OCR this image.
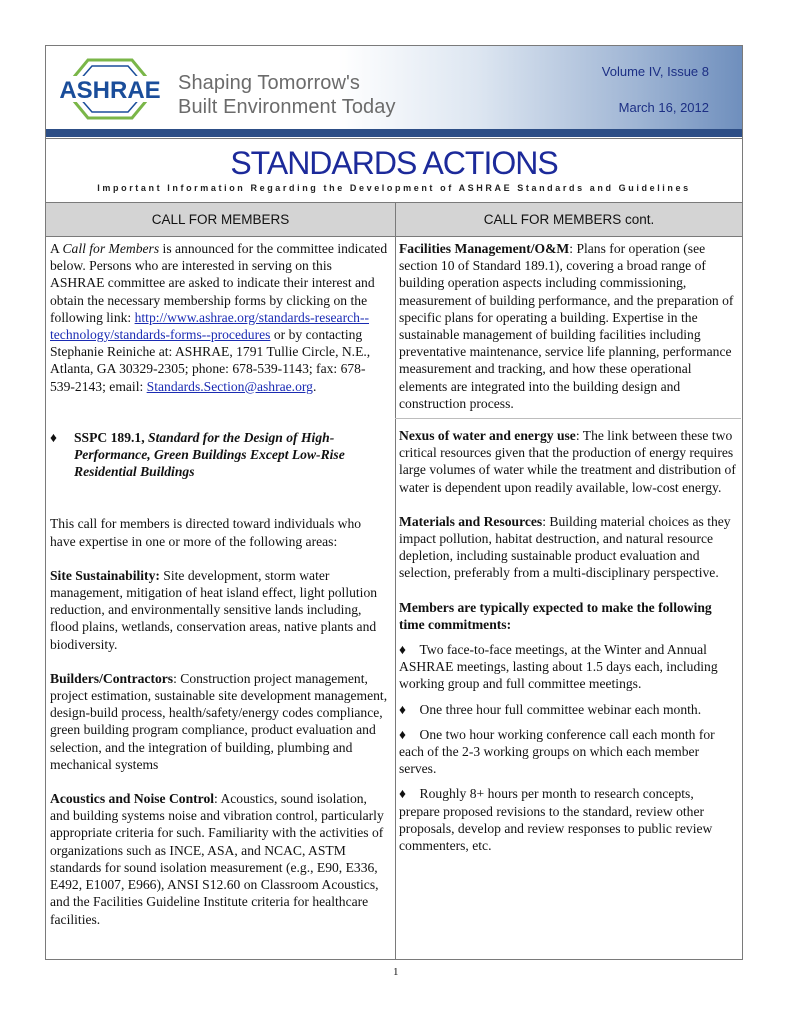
ASHRAE Shaping Tomorrow's
Built Environment Today
Volume IV, Issue 8
March 16, 2012
STANDARDS ACTIONS
Important Information Regarding the Development of ASHRAE Standards and Guidelines
CALL FOR MEMBERS	CALL FOR MEMBERS cont.

A Call for Members is announced for the committee indicated below. Persons who are interested in serving on this ASHRAE committee are asked to indicate their interest and obtain the necessary membership forms by clicking on the following link: http://www.ashrae.org/standards-research--technology/standards-forms--procedures or by contacting Stephanie Reiniche at: ASHRAE, 1791 Tullie Circle, N.E., Atlanta, GA 30329-2305; phone: 678-539-1143; fax: 678-539-2143; email: Standards.Section@ashrae.org.

♦ SSPC 189.1, Standard for the Design of High-Performance, Green Buildings Except Low-Rise Residential Buildings

This call for members is directed toward individuals who have expertise in one or more of the following areas:

Site Sustainability: Site development, storm water management, mitigation of heat island effect, light pollution reduction, and environmentally sensitive lands including, flood plains, wetlands, conservation areas, native plants and biodiversity.

Builders/Contractors: Construction project management, project estimation, sustainable site development management, design-build process, health/safety/energy codes compliance, green building program compliance, product evaluation and selection, and the integration of building, plumbing and mechanical systems

Acoustics and Noise Control: Acoustics, sound isolation, and building systems noise and vibration control, particularly appropriate criteria for such. Familiarity with the activities of organizations such as INCE, ASA, and NCAC, ASTM standards for sound isolation measurement (e.g., E90, E336, E492, E1007, E966), ANSI S12.60 on Classroom Acoustics, and the Facilities Guideline Institute criteria for healthcare facilities.

Facilities Management/O&M: Plans for operation (see section 10 of Standard 189.1), covering a broad range of building operation aspects including commissioning, measurement of building performance, and the preparation of specific plans for operating a building. Expertise in the sustainable management of building facilities including preventative maintenance, service life planning, performance measurement and tracking, and how these operational elements are integrated into the building design and construction process.

Nexus of water and energy use: The link between these two critical resources given that the production of energy requires large volumes of water while the treatment and distribution of water is dependent upon readily available, low-cost energy.

Materials and Resources: Building material choices as they impact pollution, habitat destruction, and natural resource depletion, including sustainable product evaluation and selection, preferably from a multi-disciplinary perspective.

Members are typically expected to make the following time commitments:

♦ Two face-to-face meetings, at the Winter and Annual ASHRAE meetings, lasting about 1.5 days each, including working group and full committee meetings.
♦ One three hour full committee webinar each month.
♦ One two hour working conference call each month for each of the 2-3 working groups on which each member serves.
♦ Roughly 8+ hours per month to research concepts, prepare proposed revisions to the standard, review other proposals, develop and review responses to public review commenters, etc.
1
